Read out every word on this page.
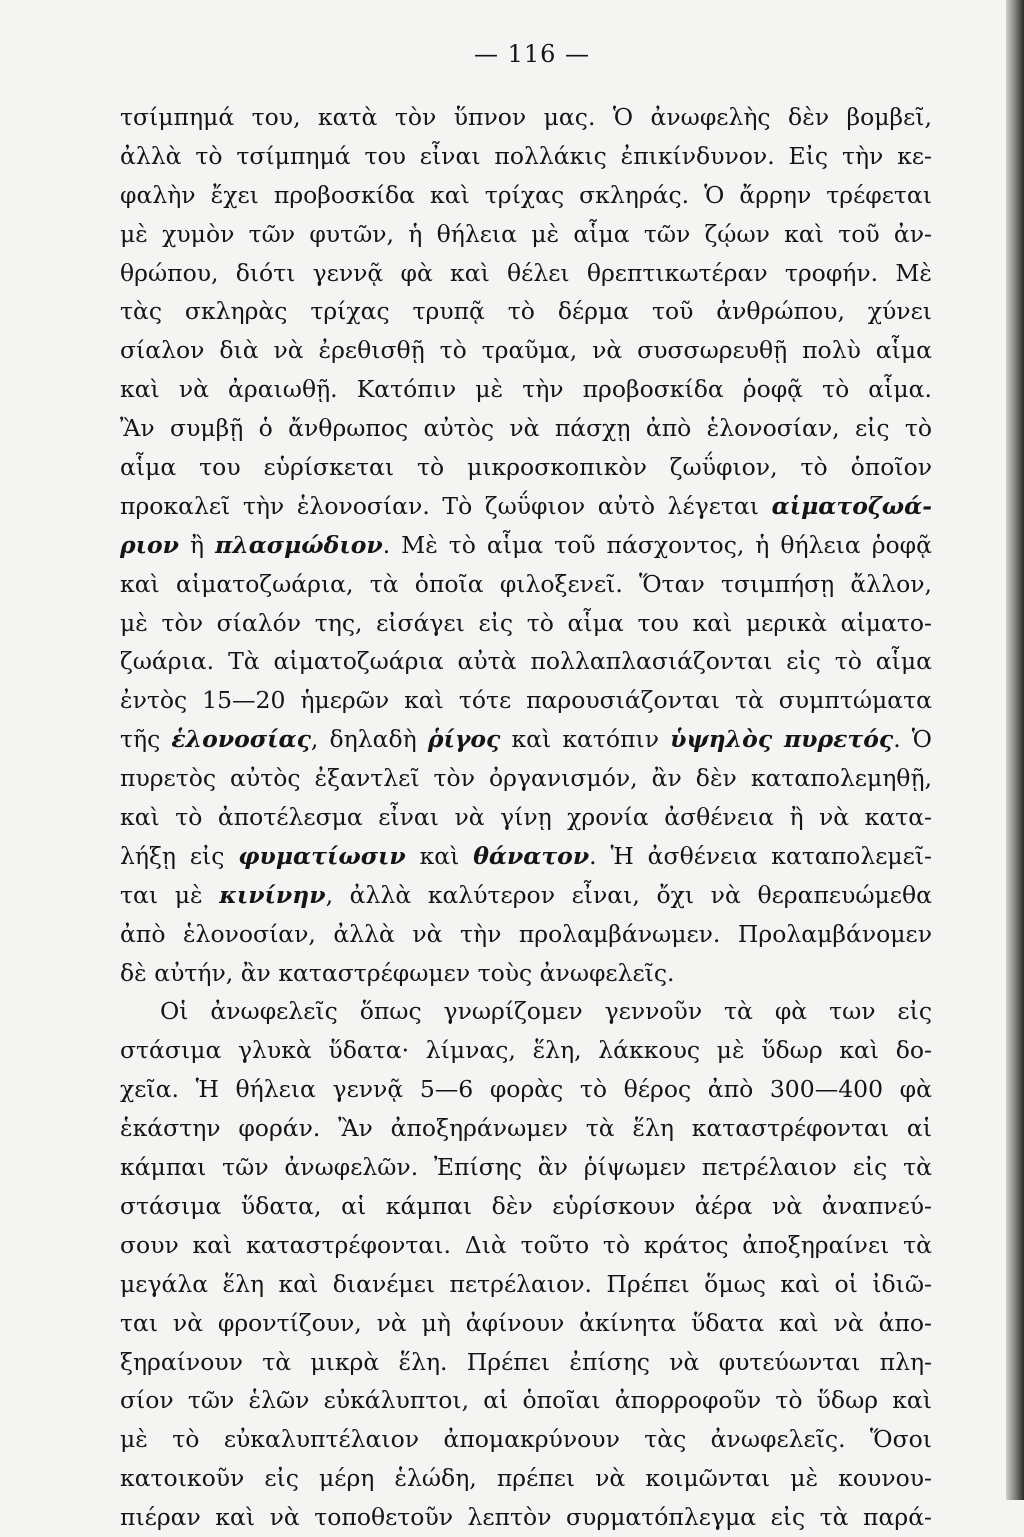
— 116 —
τσίμπημά του, κατὰ τὸν ὕπνον μας. Ὁ ἀνωφελὴς δὲν βομβεῖ,
ἀλλὰ τὸ τσίμπημά του εἶναι πολλάκις ἐπικίνδυνον. Εἰς τὴν κε-
φαλὴν ἔχει προβοσκίδα καὶ τρίχας σκληράς. Ὁ ἄρρην τρέφεται
μὲ χυμὸν τῶν φυτῶν, ἡ θήλεια μὲ αἷμα τῶν ζῴων καὶ τοῦ ἀν-
θρώπου, διότι γεννᾷ φὰ καὶ θέλει θρεπτικωτέραν τροφήν. Μὲ
τὰς σκληρὰς τρίχας τρυπᾷ τὸ δέρμα τοῦ ἀνθρώπου, χύνει
σίαλον διὰ νὰ ἐρεθισθῇ τὸ τραῦμα, νὰ συσσωρευθῇ πολὺ αἷμα
καὶ νὰ ἀραιωθῇ. Κατόπιν μὲ τὴν προβοσκίδα ῥοφᾷ τὸ αἷμα.
Ἂν συμβῇ ὁ ἄνθρωπος αὐτὸς νὰ πάσχῃ ἀπὸ ἑλονοσίαν, εἰς τὸ
αἷμα του εὑρίσκεται τὸ μικροσκοπικὸν ζωΰφιον, τὸ ὁποῖον
προκαλεῖ τὴν ἑλονοσίαν. Τὸ ζωΰφιον αὐτὸ λέγεται αἱματοζωά-
ριον ἢ πλασμώδιον. Μὲ τὸ αἷμα τοῦ πάσχοντος, ἡ θήλεια ῥοφᾷ
καὶ αἱματοζωάρια, τὰ ὁποῖα φιλοξενεῖ. Ὅταν τσιμπήσῃ ἄλλον,
μὲ τὸν σίαλόν της, εἰσάγει εἰς τὸ αἷμα του καὶ μερικὰ αἱματο-
ζωάρια. Τὰ αἱματοζωάρια αὐτὰ πολλαπλασιάζονται εἰς τὸ αἷμα
ἐντὸς 15—20 ἡμερῶν καὶ τότε παρουσιάζονται τὰ συμπτώματα
τῆς ἑλονοσίας, δηλαδὴ ῥίγος καὶ κατόπιν ὑψηλὸς πυρετός. Ὁ
πυρετὸς αὐτὸς ἐξαντλεῖ τὸν ὀργανισμόν, ἂν δὲν καταπολεμηθῇ,
καὶ τὸ ἀποτέλεσμα εἶναι νὰ γίνῃ χρονία ἀσθένεια ἢ νὰ κατα-
λήξῃ εἰς φυματίωσιν καὶ θάνατον. Ἡ ἀσθένεια καταπολεμεῖ-
ται μὲ κινίνην, ἀλλὰ καλύτερον εἶναι, ὄχι νὰ θεραπευώμεθα
ἀπὸ ἑλονοσίαν, ἀλλὰ νὰ τὴν προλαμβάνωμεν. Προλαμβάνομεν
δὲ αὐτήν, ἂν καταστρέφωμεν τοὺς ἀνωφελεῖς.
Οἱ ἀνωφελεῖς ὅπως γνωρίζομεν γεννοῦν τὰ φὰ των εἰς
στάσιμα γλυκὰ ὕδατα· λίμνας, ἕλη, λάκκους μὲ ὕδωρ καὶ δο-
χεῖα. Ἡ θήλεια γεννᾷ 5—6 φορὰς τὸ θέρος ἀπὸ 300—400 φὰ
ἑκάστην φοράν. Ἂν ἀποξηράνωμεν τὰ ἕλη καταστρέφονται αἱ
κάμπαι τῶν ἀνωφελῶν. Ἐπίσης ἂν ῥίψωμεν πετρέλαιον εἰς τὰ
στάσιμα ὕδατα, αἱ κάμπαι δὲν εὑρίσκουν ἀέρα νὰ ἀναπνεύ-
σουν καὶ καταστρέφονται. Διὰ τοῦτο τὸ κράτος ἀποξηραίνει τὰ
μεγάλα ἕλη καὶ διανέμει πετρέλαιον. Πρέπει ὅμως καὶ οἱ ἰδιῶ-
ται νὰ φροντίζουν, νὰ μὴ ἀφίνουν ἀκίνητα ὕδατα καὶ νὰ ἀπο-
ξηραίνουν τὰ μικρὰ ἕλη. Πρέπει ἐπίσης νὰ φυτεύωνται πλη-
σίον τῶν ἑλῶν εὐκάλυπτοι, αἱ ὁποῖαι ἀπορροφοῦν τὸ ὕδωρ καὶ
μὲ τὸ εὐκαλυπτέλαιον ἀπομακρύνουν τὰς ἀνωφελεῖς. Ὅσοι
κατοικοῦν εἰς μέρη ἑλώδη, πρέπει νὰ κοιμῶνται μὲ κουνου-
πιέραν καὶ νὰ τοποθετοῦν λεπτὸν συρματόπλεγμα εἰς τὰ παρά-
